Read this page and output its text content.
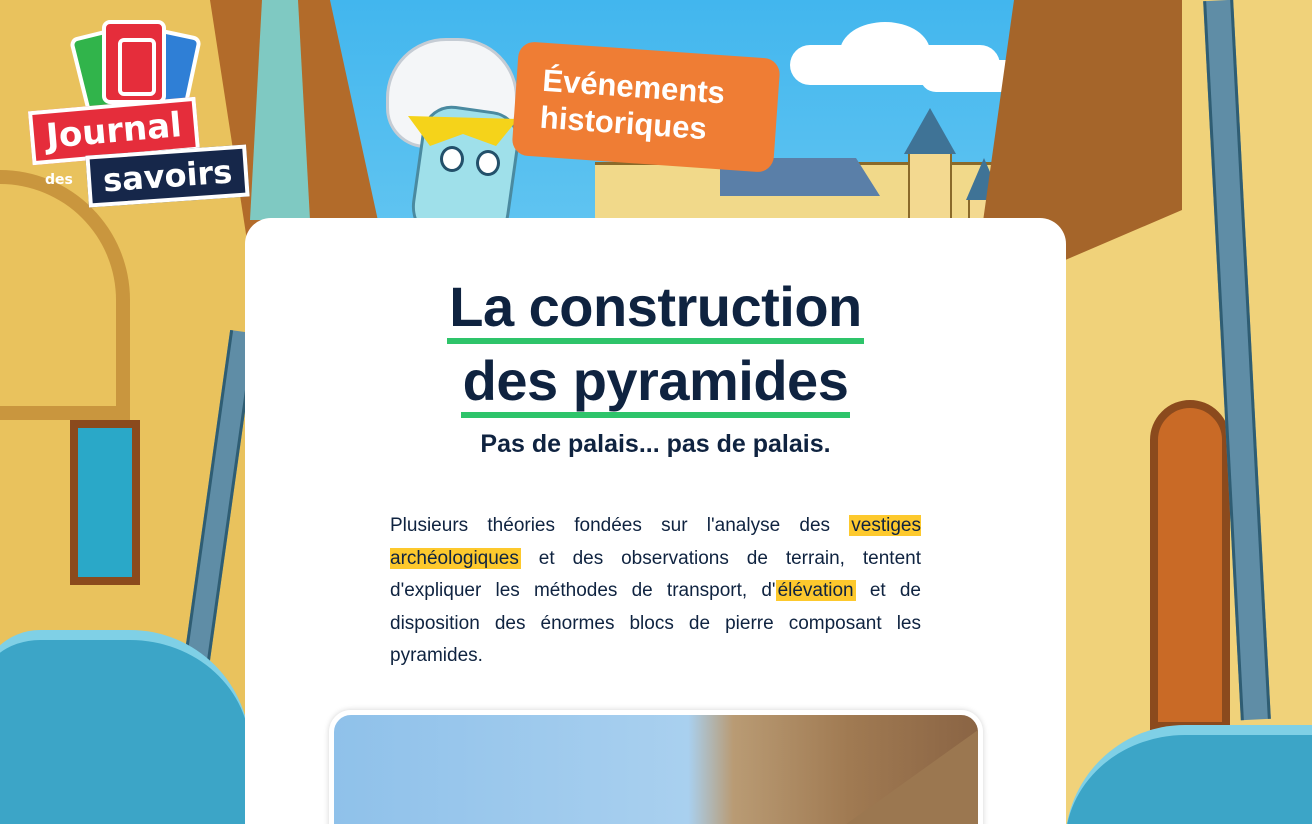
Journal
des savoirs
Événements
historiques
La construction
des pyramides
Pas de palais... pas de palais.

Plusieurs théories fondées sur l'analyse des vestiges archéologiques et des observations de terrain, tentent d'expliquer les méthodes de transport, d' élévation et de disposition des énormes blocs de pierre composant les pyramides.
